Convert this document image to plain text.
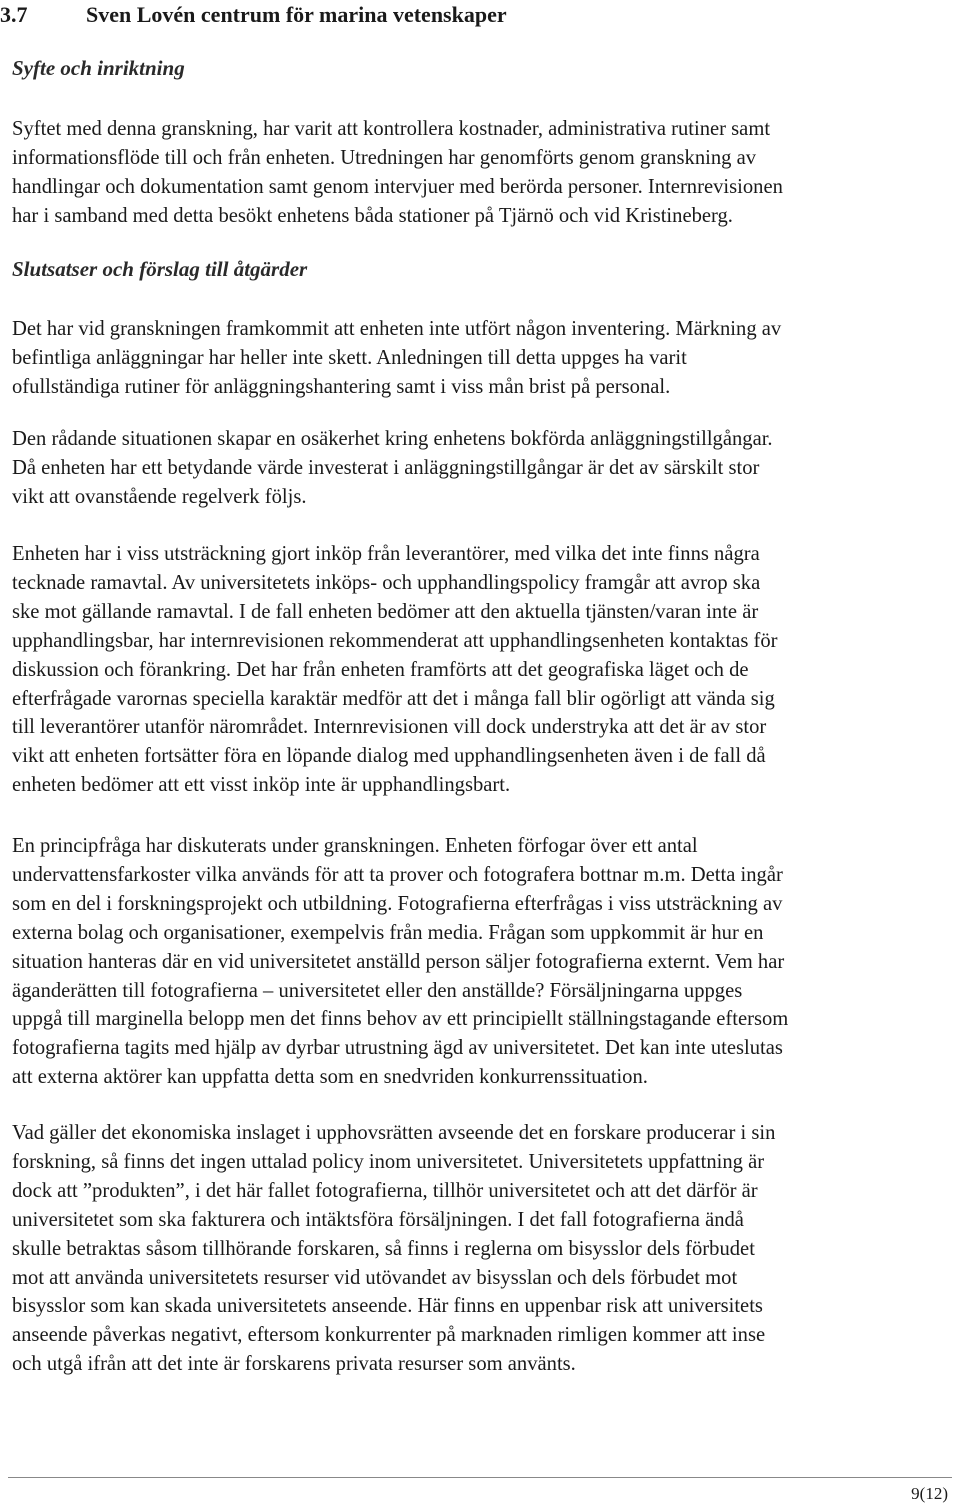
3.7	Sven Lovén centrum för marina vetenskaper
Syfte och inriktning

Syftet med denna granskning, har varit att kontrollera kostnader, administrativa rutiner samt
informationsflöde till och från enheten. Utredningen har genomförts genom granskning av
handlingar och dokumentation samt genom intervjuer med berörda personer. Internrevisionen
har i samband med detta besökt enhetens båda stationer på Tjärnö och vid Kristineberg.

Slutsatser och förslag till åtgärder

Det har vid granskningen framkommit att enheten inte utfört någon inventering. Märkning av
befintliga anläggningar har heller inte skett. Anledningen till detta uppges ha varit
ofullständiga rutiner för anläggningshantering samt i viss mån brist på personal.

Den rådande situationen skapar en osäkerhet kring enhetens bokförda anläggningstillgångar.
Då enheten har ett betydande värde investerat i anläggningstillgångar är det av särskilt stor
vikt att ovanstående regelverk följs.

Enheten har i viss utsträckning gjort inköp från leverantörer, med vilka det inte finns några
tecknade ramavtal. Av universitetets inköps- och upphandlingspolicy framgår att avrop ska
ske mot gällande ramavtal. I de fall enheten bedömer att den aktuella tjänsten/varan inte är
upphandlingsbar, har internrevisionen rekommenderat att upphandlingsenheten kontaktas för
diskussion och förankring. Det har från enheten framförts att det geografiska läget och de
efterfrågade varornas speciella karaktär medför att det i många fall blir ogörligt att vända sig
till leverantörer utanför närområdet. Internrevisionen vill dock understryka att det är av stor
vikt att enheten fortsätter föra en löpande dialog med upphandlingsenheten även i de fall då
enheten bedömer att ett visst inköp inte är upphandlingsbart.

En principfråga har diskuterats under granskningen. Enheten förfogar över ett antal
undervattensfarkoster vilka används för att ta prover och fotografera bottnar m.m. Detta ingår
som en del i forskningsprojekt och utbildning. Fotografierna efterfrågas i viss utsträckning av
externa bolag och organisationer, exempelvis från media. Frågan som uppkommit är hur en
situation hanteras där en vid universitetet anställd person säljer fotografierna externt. Vem har
äganderätten till fotografierna – universitetet eller den anställde? Försäljningarna uppges
uppgå till marginella belopp men det finns behov av ett principiellt ställningstagande eftersom
fotografierna tagits med hjälp av dyrbar utrustning ägd av universitetet. Det kan inte uteslutas
att externa aktörer kan uppfatta detta som en snedvriden konkurrenssituation.

Vad gäller det ekonomiska inslaget i upphovsrätten avseende det en forskare producerar i sin
forskning, så finns det ingen uttalad policy inom universitetet. Universitetets uppfattning är
dock att ”produkten”, i det här fallet fotografierna, tillhör universitetet och att det därför är
universitetet som ska fakturera och intäktsföra försäljningen. I det fall fotografierna ändå
skulle betraktas såsom tillhörande forskaren, så finns i reglerna om bisysslor dels förbudet
mot att använda universitetets resurser vid utövandet av bisysslan och dels förbudet mot
bisysslor som kan skada universitetets anseende. Här finns en uppenbar risk att universitets
anseende påverkas negativt, eftersom konkurrenter på marknaden rimligen kommer att inse
och utgå ifrån att det inte är forskarens privata resurser som använts.

9(12)
